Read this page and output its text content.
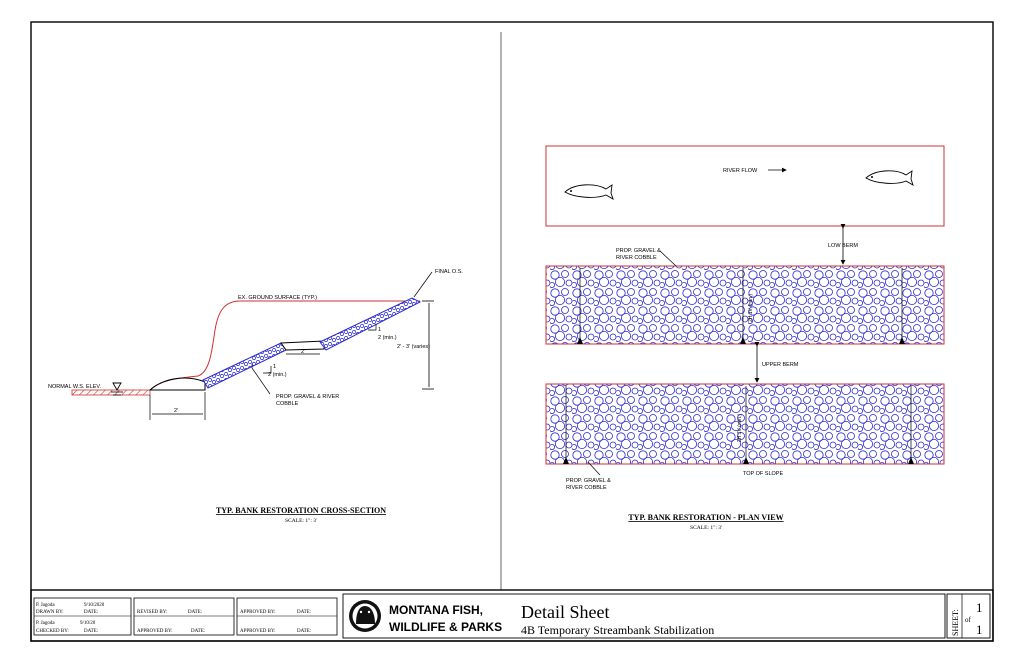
FINAL O.S.
EX. GROUND SURFACE (TYP.)
NORMAL W.S. ELEV.
PROP. GRAVEL & RIVER
COBBLE
1
2 (min.)
1
2 (min.)
2'
2'
2' - 3' (varies)
TYP. BANK RESTORATION CROSS-SECTION
SCALE: 1": 3'
RIVER FLOW
LOW BERM
UPPER BERM
TOP OF SLOPE
PROP. GRAVEL &
RIVER COBBLE
PROP. GRAVEL &
RIVER COBBLE
2H:1V (min.)
2H:1V (min.)
TYP. BANK RESTORATION - PLAN VIEW
SCALE: 1": 3'
P. Jagoda	9/10/2020
DRAWN BY:	DATE:
P. Jagoda	9/10/20
CHECKED BY:	DATE:
REVISED BY:	DATE:
APPROVED BY:	DATE:
APPROVED BY:	DATE:
APPROVED BY:	DATE:
MONTANA FISH,
WILDLIFE & PARKS
Detail Sheet
4B Temporary Streambank Stabilization	SHEET:
1
of
1
